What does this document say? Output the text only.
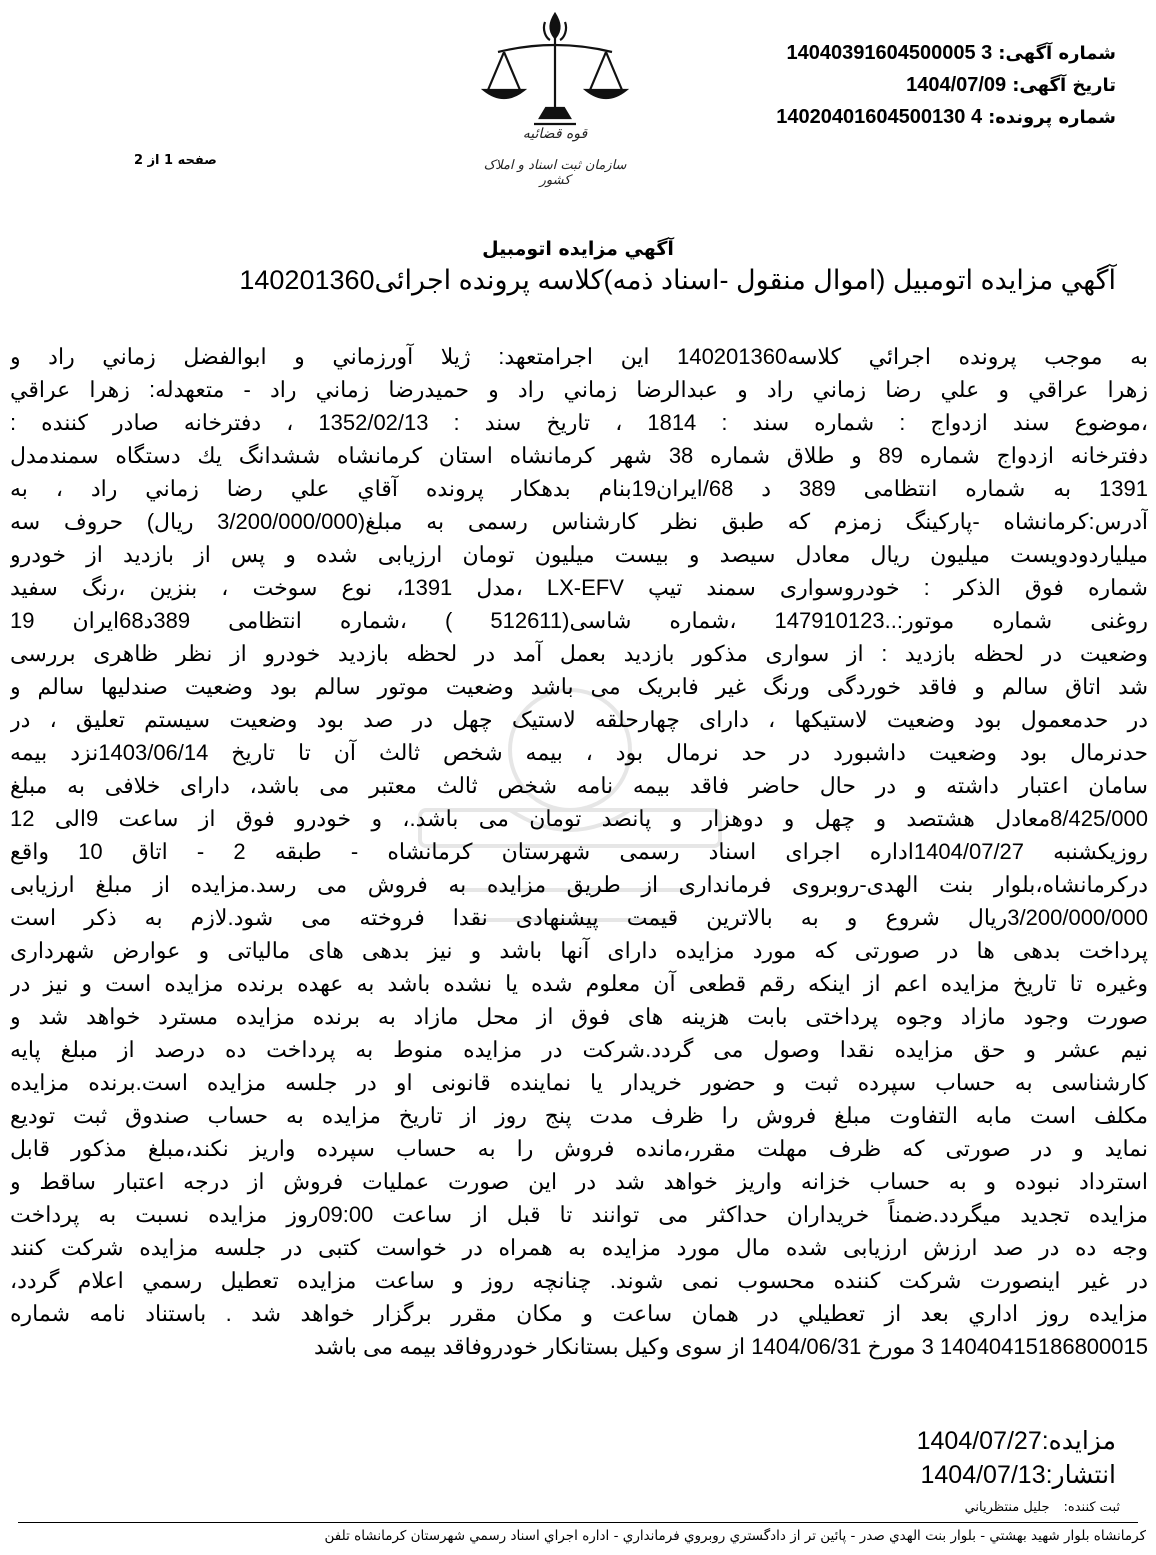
شماره آگهی:14040391604500005 3
تاریخ آگهی:1404/07/09
شماره پرونده:14020401604500130 4
صفحه 1 از 2
قوه قضائیه
سازمان ثبت اسناد و املاک کشور
آگهي مزايده اتومبيل
آگهي مزايده اتومبيل (اموال منقول -اسناد ذمه)كلاسه پرونده اجرائی140201360
به موجب پرونده اجرائي كلاسه140201360 اين اجرامتعهد: ژيلا آورزماني و ابوالفضل زماني راد و
زهرا عراقي و علي رضا زماني راد و عبدالرضا زماني راد و حميدرضا زماني راد - متعهدله: زهرا عراقي
،موضوع سند ازدواج : شماره سند : 1814 ، تاريخ سند : 1352/02/13 ، دفترخانه صادر كننده :
دفترخانه ازدواج شماره 89 و طلاق شماره 38 شهر كرمانشاه استان كرمانشاه ششدانگ يك دستگاه سمندمدل
1391 به شماره انتظامی 389 د 68/ایران19بنام بدهكار پرونده آقاي علي رضا زماني راد ، به
آدرس:كرمانشاه -پاركينگ زمزم كه طبق نظر كارشناس رسمی به مبلغ(3/200/000/000 ریال) حروف سه
ميلياردودويست ميليون ريال معادل سيصد و بيست ميليون تومان ارزيابی شده و پس از بازديد از خودرو
شماره فوق الذكر : خودروسواری سمند تيپ LX-EFV ،مدل 1391، نوع سوخت ، بنزين ،رنگ سفيد
روغنی شماره موتور:..147910123 ،شماره شاسی(512611 ) ،شماره انتظامی 389د68ایران 19
وضعيت در لحظه بازديد : از سواری مذكور بازديد بعمل آمد در لحظه بازديد خودرو از نظر ظاهری بررسی
شد اتاق سالم و فاقد خوردگی ورنگ غير فابريک می باشد وضعيت موتور سالم بود وضعيت صندليها سالم و
در حدمعمول بود وضعيت لاستيكها ، دارای چهارحلقه لاستيک چهل در صد بود وضعيت سيستم تعليق ، در
حدنرمال بود وضعيت داشبورد در حد نرمال بود ، بيمه شخص ثالث آن تا تاريخ 1403/06/14نزد بيمه
سامان اعتبار داشته و در حال حاضر فاقد بيمه نامه شخص ثالث معتبر می باشد، دارای خلافی به مبلغ
8/425/000معادل هشتصد و چهل و دوهزار و پانصد تومان می باشد.، و خودرو فوق از ساعت 9الی 12
روزيكشنبه 1404/07/27اداره اجرای اسناد رسمی شهرستان كرمانشاه - طبقه 2 - اتاق 10 واقع
دركرمانشاه،بلوار بنت الهدی-روبروی فرمانداری از طريق مزايده به فروش می رسد.مزايده از مبلغ ارزيابی
3/200/000/000ريال شروع و به بالاترين قيمت پيشنهادی نقدا فروخته می شود.لازم به ذكر است
پرداخت بدهی ها در صورتی كه مورد مزايده دارای آنها باشد و نيز بدهی های مالياتی و عوارض شهرداری
وغيره تا تاريخ مزايده اعم از اينكه رقم قطعی آن معلوم شده يا نشده باشد به عهده برنده مزايده است و نيز در
صورت وجود مازاد وجوه پرداختی بابت هزينه های فوق از محل مازاد به برنده مزايده مسترد خواهد شد و
نيم عشر و حق مزايده نقدا وصول می گردد.شركت در مزايده منوط به پرداخت ده درصد از مبلغ پايه
كارشناسی به حساب سپرده ثبت و حضور خريدار يا نماينده قانونی او در جلسه مزايده است.برنده مزايده
مكلف است مابه التفاوت مبلغ فروش را ظرف مدت پنج روز از تاريخ مزايده به حساب صندوق ثبت توديع
نمايد و در صورتی كه ظرف مهلت مقرر،مانده فروش را به حساب سپرده واريز نكند،مبلغ مذكور قابل
استرداد نبوده و به حساب خزانه واريز خواهد شد در اين صورت عمليات فروش از درجه اعتبار ساقط و
مزايده تجديد ميگردد.ضمناً خريداران حداكثر می توانند تا قبل از ساعت 09:00روز مزايده نسبت به پرداخت
وجه ده در صد ارزش ارزيابی شده مال مورد مزايده به همراه در خواست كتبی در جلسه مزايده شركت كنند
در غير اينصورت شركت كننده محسوب نمی شوند. چنانچه روز و ساعت مزايده تعطيل رسمي اعلام گردد،
مزايده روز اداري بعد از تعطيلي در همان ساعت و مكان مقرر برگزار خواهد شد . باستناد نامه شماره
14040415186800015 3 مورخ 1404/06/31 از سوی وكيل بستانكار خودروفاقد بيمه می باشد
مزايده:1404/07/27
انتشار:1404/07/13
ثبت كننده:جليل منتظرياني
كرمانشاه بلوار شهيد بهشتي - بلوار بنت الهدي صدر - پائين تر از دادگستري روبروي فرمانداري - اداره اجراي اسناد رسمي شهرستان كرمانشاه تلفن
